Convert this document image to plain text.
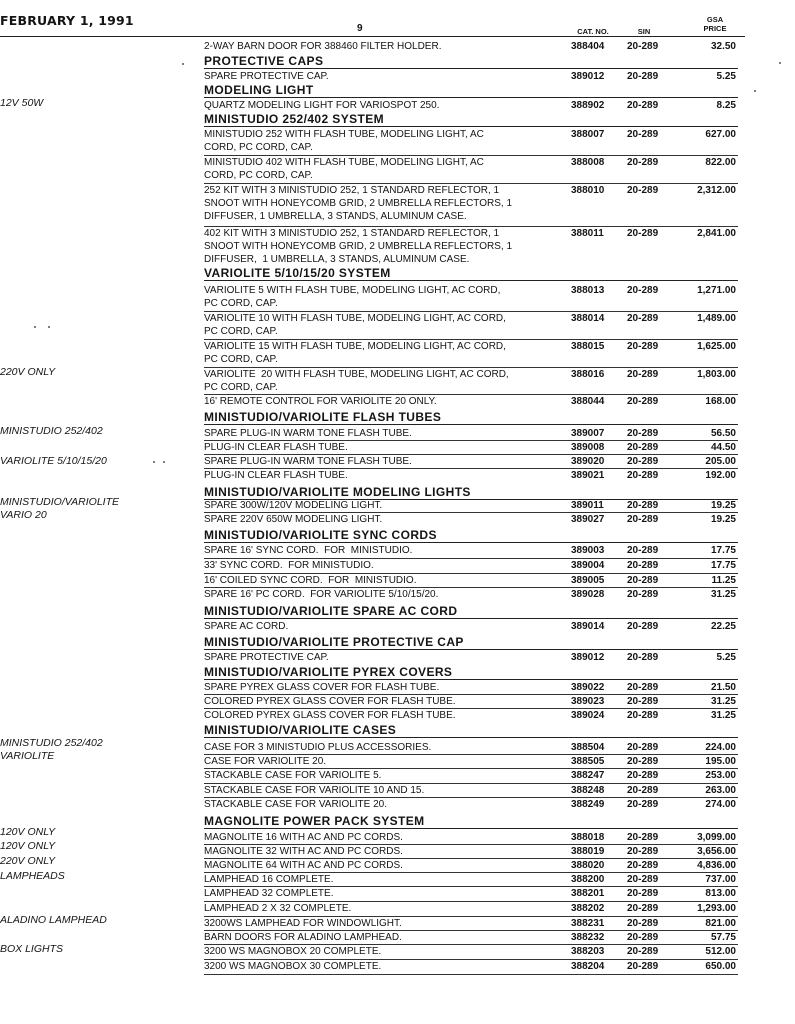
FEBRUARY 1, 1991
9	CAT. NO.	SIN
GSA
PRICE
12V 50W
220V ONLY
MINISTUDIO 252/402
VARIOLITE 5/10/15/20
MINISTUDIO/VARIOLITE
VARIO 20
MINISTUDIO 252/402
VARIOLITE
120V ONLY
120V ONLY
220V ONLY
LAMPHEADS
ALADINO LAMPHEAD
BOX LIGHTS
2-WAY BARN DOOR FOR 388460 FILTER HOLDER.	388404 20-289	32.50
PROTECTIVE CAPS
SPARE PROTECTIVE CAP.	389012 20-289	5.25
MODELING LIGHT
QUARTZ MODELING LIGHT FOR VARIOSPOT 250.	388902 20-289	8.25
MINISTUDIO 252/402 SYSTEM
MINISTUDIO 252 WITH FLASH TUBE, MODELING LIGHT, AC
CORD, PC CORD, CAP.
388007 20-289	627.00
MINISTUDIO 402 WITH FLASH TUBE, MODELING LIGHT, AC
CORD, PC CORD, CAP.
388008 20-289	822.00
252 KIT WITH 3 MINISTUDIO 252, 1 STANDARD REFLECTOR, 1
SNOOT WITH HONEYCOMB GRID, 2 UMBRELLA REFLECTORS, 1
DIFFUSER, 1 UMBRELLA, 3 STANDS, ALUMINUM CASE.
388010 20-289	2,312.00
402 KIT WITH 3 MINISTUDIO 252, 1 STANDARD REFLECTOR, 1
SNOOT WITH HONEYCOMB GRID, 2 UMBRELLA REFLECTORS, 1
DIFFUSER,  1 UMBRELLA, 3 STANDS, ALUMINUM CASE.
388011 20-289	2,841.00
VARIOLITE 5/10/15/20 SYSTEM
VARIOLITE 5 WITH FLASH TUBE, MODELING LIGHT, AC CORD,
PC CORD, CAP.
388013 20-289	1,271.00
VARIOLITE 10 WITH FLASH TUBE, MODELING LIGHT, AC CORD,
PC CORD, CAP.
388014 20-289	1,489.00
VARIOLITE 15 WITH FLASH TUBE, MODELING LIGHT, AC CORD,
PC CORD, CAP.
388015 20-289	1,625.00
VARIOLITE  20 WITH FLASH TUBE, MODELING LIGHT, AC CORD,
PC CORD, CAP.
388016 20-289	1,803.00
16' REMOTE CONTROL FOR VARIOLITE 20 ONLY.	388044 20-289	168.00
MINISTUDIO/VARIOLITE FLASH TUBES
SPARE PLUG-IN WARM TONE FLASH TUBE.	389007 20-289	56.50
PLUG-IN CLEAR FLASH TUBE.	389008 20-289	44.50
SPARE PLUG-IN WARM TONE FLASH TUBE.	389020 20-289	205.00
PLUG-IN CLEAR FLASH TUBE.	389021 20-289	192.00
MINISTUDIO/VARIOLITE MODELING LIGHTS
SPARE 300W/120V MODELING LIGHT.	389011 20-289	19.25
SPARE 220V 650W MODELING LIGHT.	389027 20-289	19.25
MINISTUDIO/VARIOLITE SYNC CORDS
SPARE 16' SYNC CORD.  FOR  MINISTUDIO.	389003 20-289	17.75
33' SYNC CORD.  FOR MINISTUDIO.	389004 20-289	17.75
16' COILED SYNC CORD.  FOR  MINISTUDIO.	389005 20-289	11.25
SPARE 16' PC CORD.  FOR VARIOLITE 5/10/15/20.	389028 20-289	31.25
MINISTUDIO/VARIOLITE SPARE AC CORD
SPARE AC CORD.	389014 20-289	22.25
MINISTUDIO/VARIOLITE PROTECTIVE CAP
SPARE PROTECTIVE CAP.	389012 20-289	5.25
MINISTUDIO/VARIOLITE PYREX COVERS
SPARE PYREX GLASS COVER FOR FLASH TUBE.	389022 20-289	21.50
COLORED PYREX GLASS COVER FOR FLASH TUBE.	389023 20-289	31.25
COLORED PYREX GLASS COVER FOR FLASH TUBE.	389024 20-289	31.25
MINISTUDIO/VARIOLITE CASES
CASE FOR 3 MINISTUDIO PLUS ACCESSORIES.	388504 20-289	224.00
CASE FOR VARIOLITE 20.	388505 20-289	195.00
STACKABLE CASE FOR VARIOLITE 5.	388247 20-289	253.00
STACKABLE CASE FOR VARIOLITE 10 AND 15.	388248 20-289	263.00
STACKABLE CASE FOR VARIOLITE 20.	388249 20-289	274.00
MAGNOLITE POWER PACK SYSTEM
MAGNOLITE 16 WITH AC AND PC CORDS.	388018 20-289	3,099.00
MAGNOLITE 32 WITH AC AND PC CORDS.	388019 20-289	3,656.00
MAGNOLITE 64 WITH AC AND PC CORDS.	388020 20-289	4,836.00
LAMPHEAD 16 COMPLETE.	388200 20-289	737.00
LAMPHEAD 32 COMPLETE.	388201 20-289	813.00
LAMPHEAD 2 X 32 COMPLETE.	388202 20-289	1,293.00
3200WS LAMPHEAD FOR WINDOWLIGHT.	388231 20-289	821.00
BARN DOORS FOR ALADINO LAMPHEAD.	388232 20-289	57.75
3200 WS MAGNOBOX 20 COMPLETE.	388203 20-289	512.00
3200 WS MAGNOBOX 30 COMPLETE.	388204 20-289	650.00
